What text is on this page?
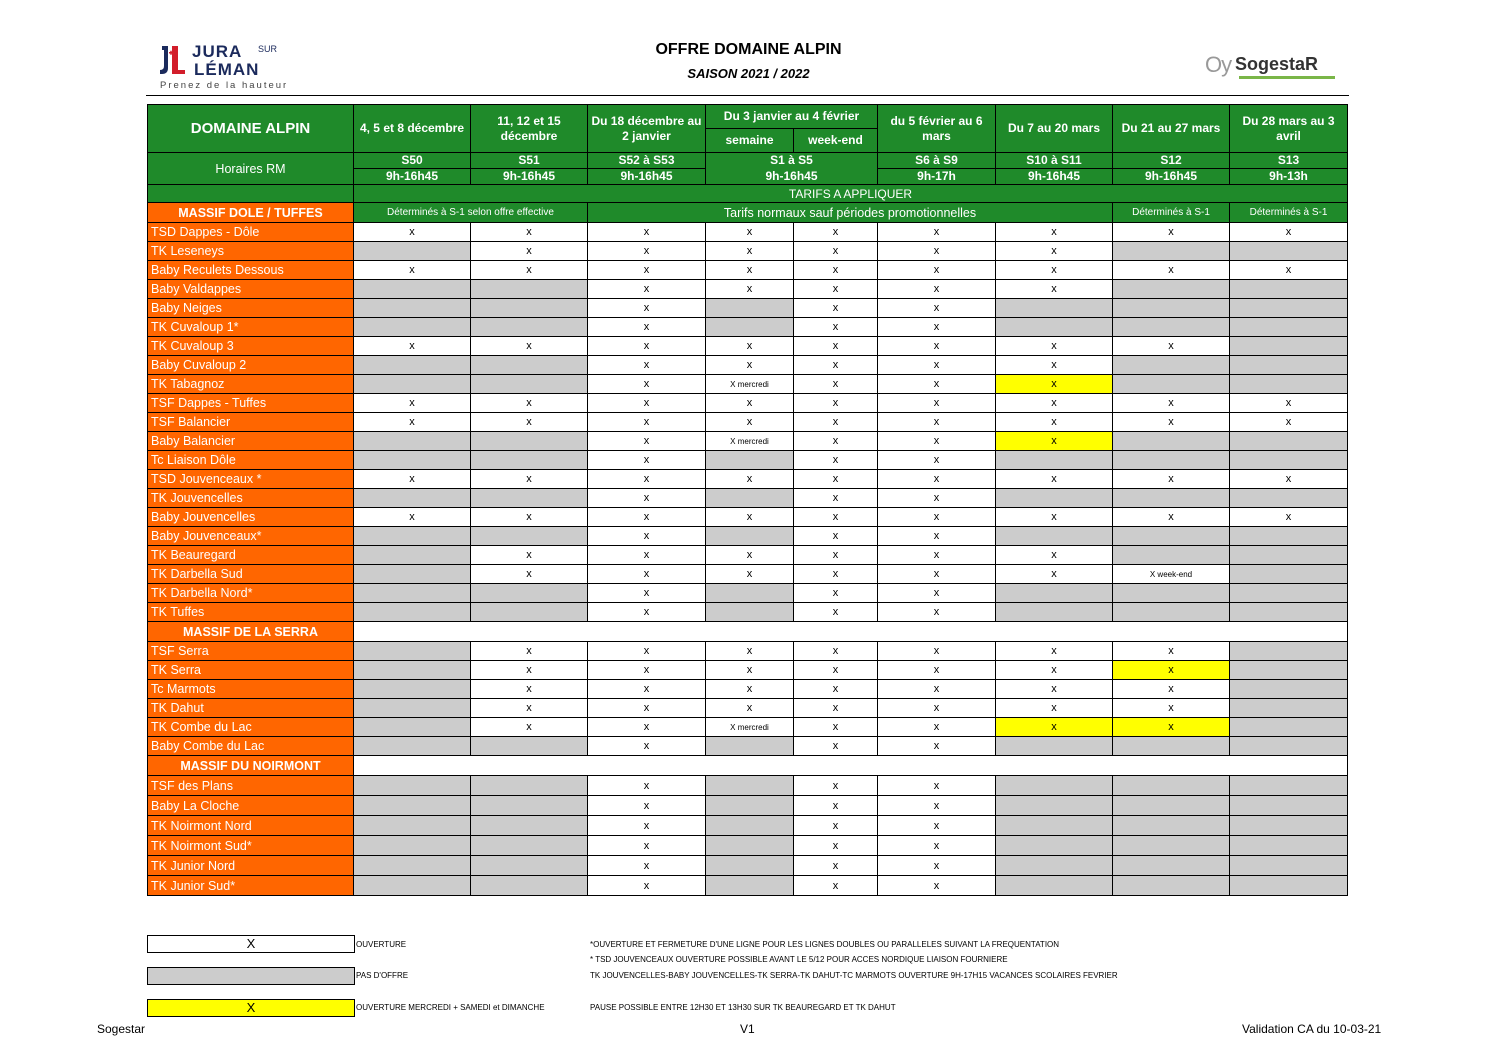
JURA SUR
LÉMAN
Prenez de la hauteur
OFFRE DOMAINE ALPIN
SAISON 2021 / 2022	Oy SogestaR
DOMAINE ALPIN	4, 5 et 8 décembre	11, 12 et 15 décembre	Du 18 décembre au 2 janvier	Du 3 janvier au 4 février		du 5 février au 6 mars	Du 7 au 20 mars	Du 21 au 27 mars	Du 28 mars au 3 avril
				semaine	week-end				
Horaires RM	S50	S51	S52 à S53	S1 à S5		S6 à S9	S10 à S11	S12	S13
	9h-16h45	9h-16h45	9h-16h45	9h-16h45		9h-17h	9h-16h45	9h-16h45	9h-13h
	TARIFS A APPLIQUER								
MASSIF DOLE / TUFFES	Déterminés à S-1 selon offre effective		Tarifs normaux sauf périodes promotionnelles					Déterminés à S-1	Déterminés à S-1
TSD Dappes - Dôle	x	x	x	x	x	x	x	x	x
TK Leseneys		x	x	x	x	x	x		
Baby Reculets Dessous	x	x	x	x	x	x	x	x	x
Baby Valdappes			x	x	x	x	x		
Baby Neiges			x		x	x			
TK Cuvaloup 1*			x		x	x			
TK Cuvaloup 3	x	x	x	x	x	x	x	x	
Baby Cuvaloup 2			x	x	x	x	x		
TK Tabagnoz			x	X mercredi	x	x	x		
TSF Dappes - Tuffes	x	x	x	x	x	x	x	x	x
TSF Balancier	x	x	x	x	x	x	x	x	x
Baby Balancier			x	X mercredi	x	x	x		
Tc Liaison Dôle			x		x	x			
TSD Jouvenceaux *	x	x	x	x	x	x	x	x	x
TK Jouvencelles			x		x	x			
Baby Jouvencelles	x	x	x	x	x	x	x	x	x
Baby Jouvenceaux*			x		x	x			
TK Beauregard		x	x	x	x	x	x		
TK Darbella Sud		x	x	x	x	x	x	X week-end	
TK Darbella Nord*			x		x	x			
TK Tuffes			x		x	x			
MASSIF DE LA SERRA									
TSF Serra		x	x	x	x	x	x	x	
TK Serra		x	x	x	x	x	x	x	
Tc Marmots		x	x	x	x	x	x	x	
TK Dahut		x	x	x	x	x	x	x	
TK Combe du Lac		x	x	X mercredi	x	x	x	x	
Baby Combe du Lac			x		x	x			
MASSIF DU NOIRMONT									
TSF des Plans			x		x	x			
Baby La Cloche			x		x	x			
TK Noirmont Nord			x		x	x			
TK Noirmont Sud*			x		x	x			
TK Junior Nord			x		x	x			
TK Junior Sud*			x		x	x			
X	OUVERTURE
PAS D'OFFRE
X	OUVERTURE MERCREDI + SAMEDI et DIMANCHE
*OUVERTURE ET FERMETURE D'UNE LIGNE POUR LES LIGNES DOUBLES OU PARALLELES SUIVANT LA FREQUENTATION
* TSD JOUVENCEAUX OUVERTURE POSSIBLE AVANT LE 5/12 POUR ACCES NORDIQUE LIAISON FOURNIERE
TK JOUVENCELLES-BABY JOUVENCELLES-TK SERRA-TK DAHUT-TC MARMOTS OUVERTURE 9H-17H15 VACANCES SCOLAIRES FEVRIER
PAUSE POSSIBLE ENTRE 12H30 ET 13H30 SUR TK BEAUREGARD ET TK DAHUT
Sogestar	V1	Validation CA du 10-03-21
